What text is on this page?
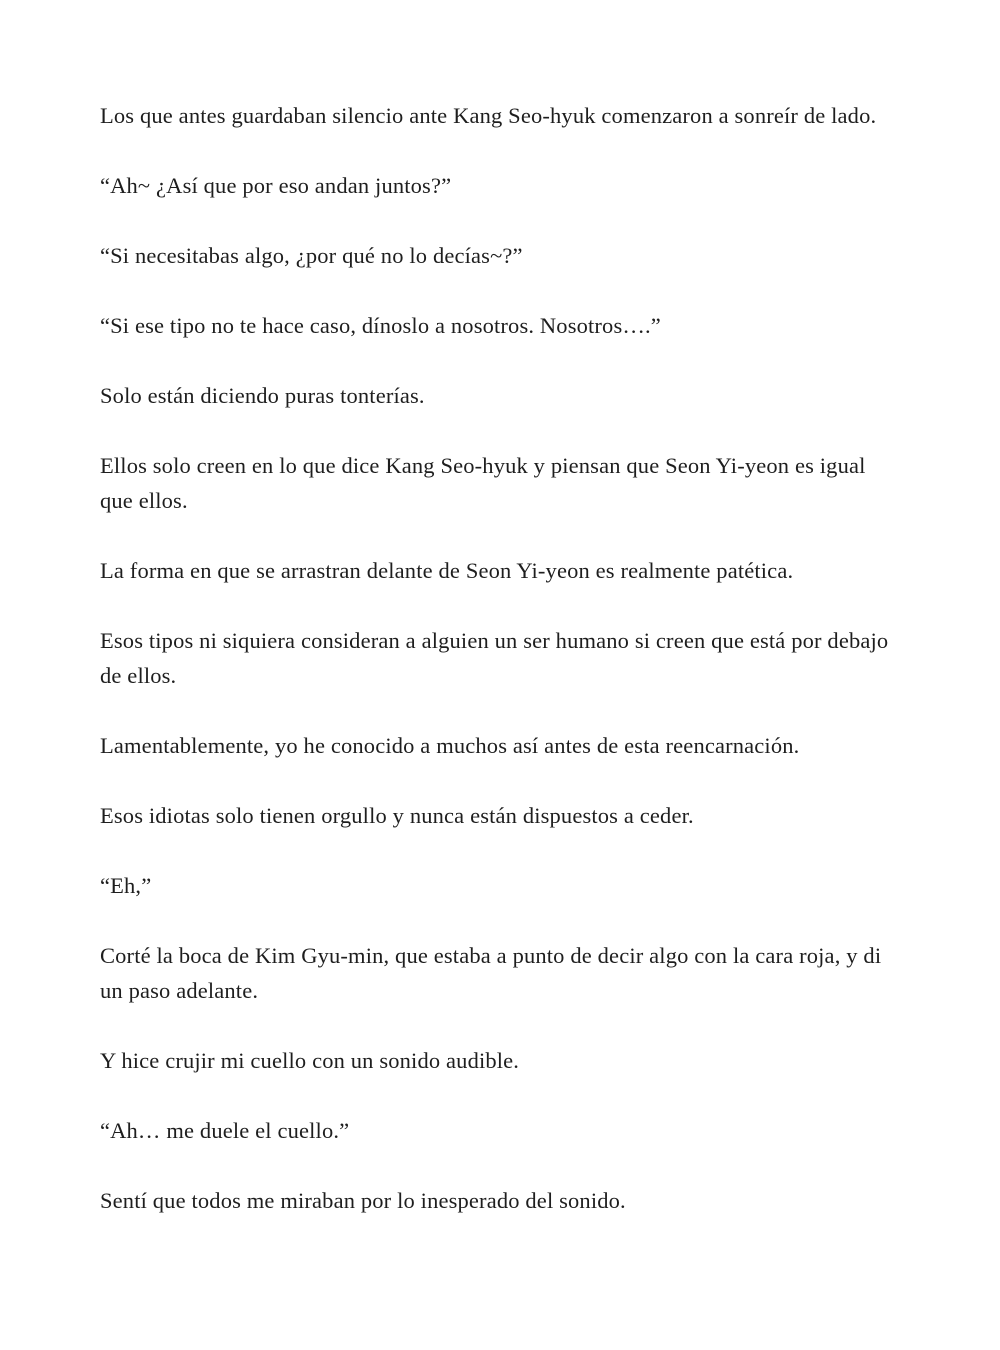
Los que antes guardaban silencio ante Kang Seo-hyuk comenzaron a sonreír de lado.

“Ah~ ¿Así que por eso andan juntos?”

“Si necesitabas algo, ¿por qué no lo decías~?”

“Si ese tipo no te hace caso, dínoslo a nosotros. Nosotros….”

Solo están diciendo puras tonterías.

Ellos solo creen en lo que dice Kang Seo-hyuk y piensan que Seon Yi-yeon es igual que ellos.

La forma en que se arrastran delante de Seon Yi-yeon es realmente patética.

Esos tipos ni siquiera consideran a alguien un ser humano si creen que está por debajo de ellos.

Lamentablemente, yo he conocido a muchos así antes de esta reencarnación.

Esos idiotas solo tienen orgullo y nunca están dispuestos a ceder.

“Eh,”

Corté la boca de Kim Gyu-min, que estaba a punto de decir algo con la cara roja, y di un paso adelante.

Y hice crujir mi cuello con un sonido audible.

“Ah… me duele el cuello.”

Sentí que todos me miraban por lo inesperado del sonido.
